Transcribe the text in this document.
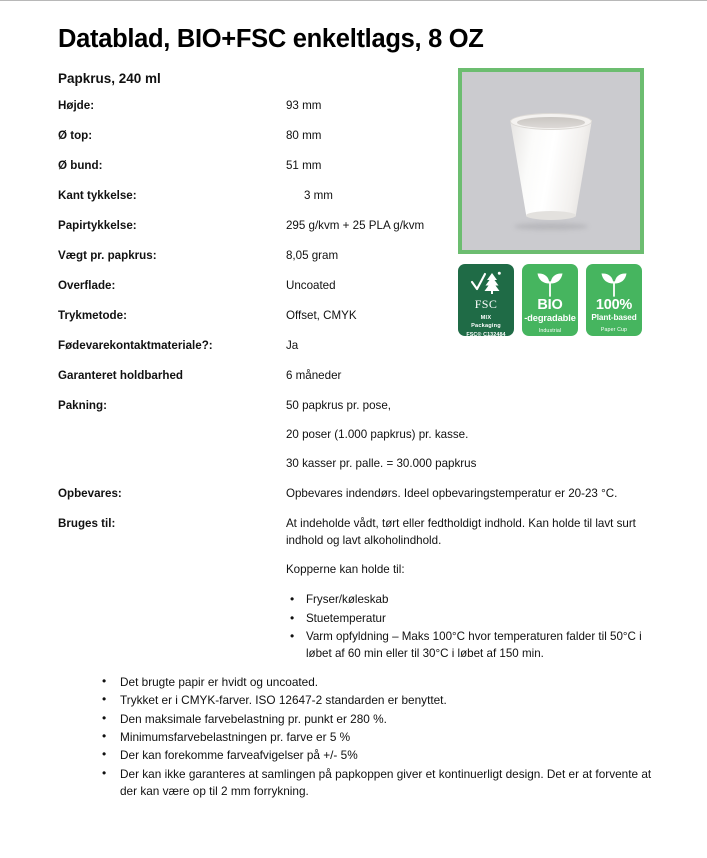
Datablad, BIO+FSC enkeltlags, 8 OZ
Papkrus, 240 ml
Højde:	93 mm
Ø top:	80 mm
Ø bund:	51 mm
Kant tykkelse:	3 mm
Papirtykkelse:	295 g/kvm + 25 PLA g/kvm
Vægt pr. papkrus:	8,05 gram
Overflade:	Uncoated
Trykmetode:	Offset, CMYK
Fødevarekontaktmateriale?:	Ja
Garanteret holdbarhed	6 måneder
Pakning:	50 papkrus pr. pose,

20 poser (1.000 papkrus) pr. kasse.

30 kasser pr. palle. = 30.000 papkrus

Opbevares:	Opbevares indendørs. Ideel opbevaringstemperatur er 20-23 °C.

Bruges til:	At indeholde vådt, tørt eller fedtholdigt indhold. Kan holde til lavt surt indhold og lavt alkoholindhold.

Kopperne kan holde til:

• Fryser/køleskab
• Stuetemperatur
• Varm opfyldning – Maks 100°C hvor temperaturen falder til 50°C i løbet af 60 min eller til 30°C i løbet af 150 min.
FSC
MIX
Packaging
FSC® C132484
BIO
-degradable
Industrial
100%
Plant-based
Paper Cup
• Det brugte papir er hvidt og uncoated.
• Trykket er i CMYK-farver. ISO 12647-2 standarden er benyttet.
• Den maksimale farvebelastning pr. punkt er 280 %.
• Minimumsfarvebelastningen pr. farve er 5 %
• Der kan forekomme farveafvigelser på +/- 5%
• Der kan ikke garanteres at samlingen på papkoppen giver et kontinuerligt design. Det er at forvente at der kan være op til 2 mm forrykning.
